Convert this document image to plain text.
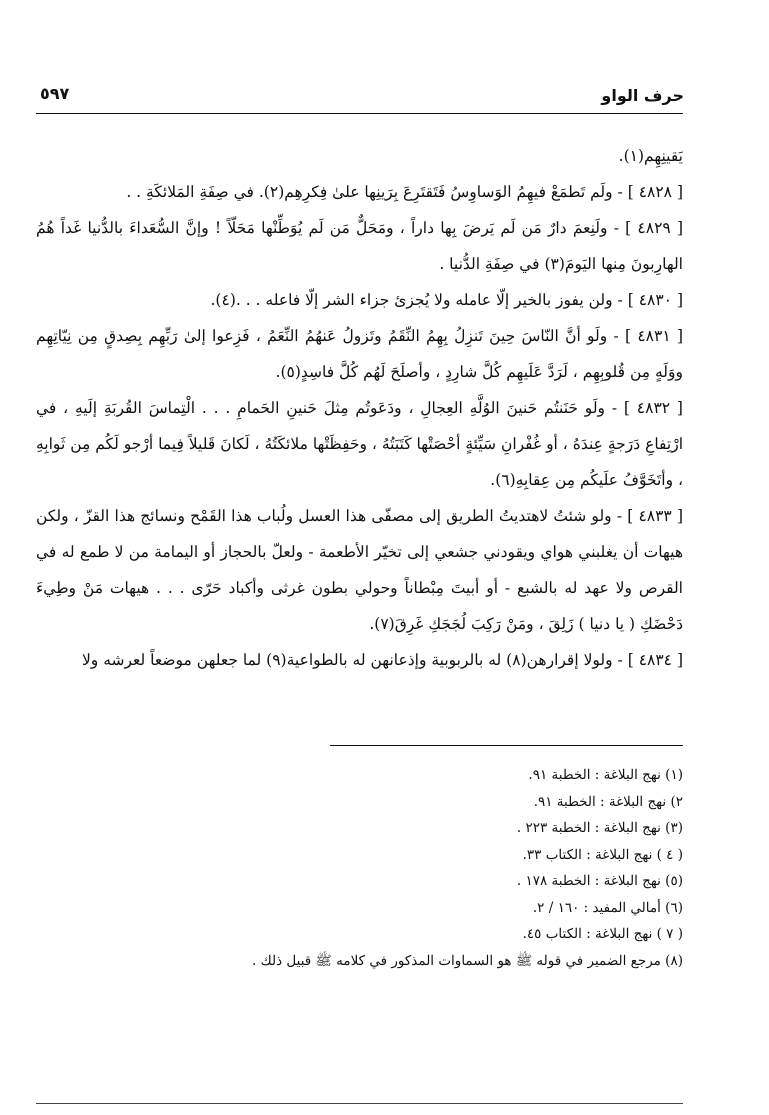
٥٩٧	حرف الواو

يَقينِهِم(١).

[ ٤٨٢٨ ] - ولَم تَطمَعْ فيهِمُ الوَساوِسُ فَتَقتَرِعَ بِرَينِها علىٰ فِكرِهِم(٢). في صِفَةِ المَلائكَةِ . .

[ ٤٨٢٩ ] - ولَنِعمَ دارٌ مَن لَم يَرضَ بِها داراً ، ومَحَلٌّ مَن لَم يُوَطِّنْها مَحَلّاً ! وإنَّ السُّعَداءَ بالدُّنيا غَداً هُمُ الهارِبونَ مِنها اليَومَ(٣) في صِفَةِ الدُّنيا .

[ ٤٨٣٠ ] - ولن يفوز بالخير إلّا عامله ولا يُجزئ جزاء الشر إلّا فاعله . . .(٤).

[ ٤٨٣١ ] - ولَو أنَّ النّاسَ حِينَ تَنزِلُ بِهِمُ النِّقَمُ وتَزولُ عَنهُمُ النِّعَمُ ، فَزِعوا إلىٰ رَبِّهِم بِصِدقٍ مِن نِيّاتِهِم ووَلَهٍ مِن قُلوبِهِم ، لَرَدَّ عَلَيهِم كُلَّ شارِدٍ ، وأصلَحَ لَهُم كُلَّ فاسِدٍ(٥).

[ ٤٨٣٢ ] - ولَو حَنَنتُم حَنينَ الوُلَّهِ العِجالِ ، ودَعَوتُم مِثلَ حَنينِ الحَمامِ . . . الْتِماسَ القُربَةِ إلَيهِ ، في ارْتِفاعِ دَرَجةٍ عِندَهُ ، أو غُفْرانِ سَيِّئةٍ أحْصَتْها كَتَبَتُهُ ، وحَفِظَتْها ملائكَتُهُ ، لَكانَ قَليلاً فِيما أرْجو لَكُم مِن ثَوابِهِ ، وأتَخَوَّفُ علَيكُم مِن عِقابِهِ(٦).

[ ٤٨٣٣ ] - ولو شئتُ لاهتديتُ الطريق إلى مصفّى هذا العسل ولُباب هذا القَمْح ونسائج هذا القزّ ، ولكن هيهات أن يغلبني هواي ويقودني جشعي إلى تخيّر الأطعمة - ولعلّ بالحجاز أو اليمامة من لا طمع له في القرص ولا عهد له بالشبع - أو أبيتَ مِبْطاناً وحولي بطون غرثى وأكباد حَرّى . . . هيهات مَنْ وطِيءَ دَحْضَكِ ( يا دنيا ) زَلِقَ ، ومَنْ رَكِبَ لُجَجَكِ غَرِقَ(٧).

[ ٤٨٣٤ ] - ولولا إقرارهن(٨) له بالربوبية وإذعانهن له بالطواعية(٩) لما جعلهن موضعاً لعرشه ولا

(١) نهج البلاغة : الخطبة ٩١.
٢) نهج البلاغة : الخطبة ٩١.
(٣) نهج البلاغة : الخطبة ٢٢٣ .
( ٤ ) نهج البلاغة : الكتاب ٣٣.
(٥) نهج البلاغة : الخطبة ١٧٨ .
(٦) أمالي المفيد : ١٦٠ / ٢.
( ٧ ) نهج البلاغة : الكتاب ٤٥.
(٨) مرجع الضمير في قوله ﷺ هو السماوات المذكور في كلامه ﷺ قبيل ذلك .
